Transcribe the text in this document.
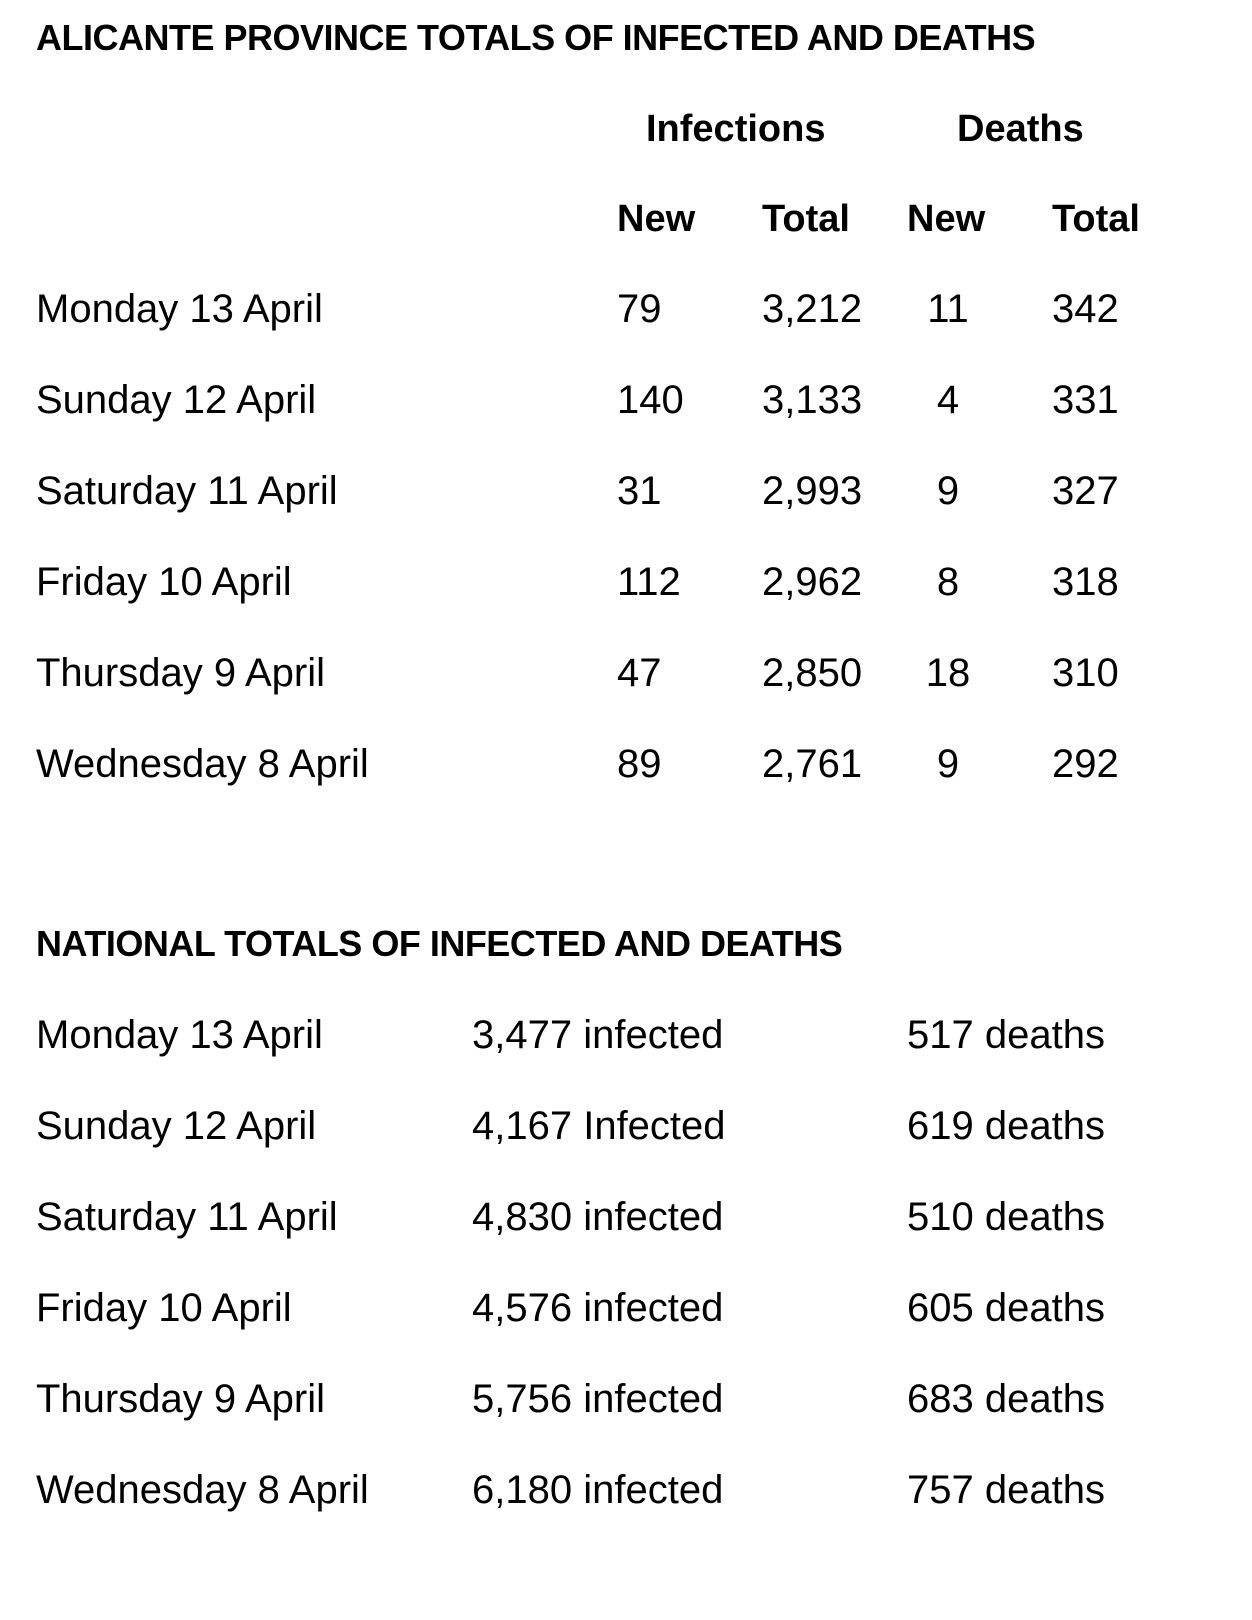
ALICANTE PROVINCE TOTALS OF INFECTED AND DEATHS
Infections	Deaths
New Total New Total
Monday 13 April	79	3,212 11 342
Sunday 12 April	140 3,133 4 331
Saturday 11 April	31	2,993 9 327
Friday 10 April	112 2,962 8 318
Thursday 9 April	47	2,850 18 310
Wednesday 8 April	89	2,761 9 292
NATIONAL TOTALS OF INFECTED AND DEATHS
Monday 13 April	3,477 infected	517 deaths
Sunday 12 April	4,167 Infected	619 deaths
Saturday 11 April	4,830 infected	510 deaths
Friday 10 April	4,576 infected	605 deaths
Thursday 9 April	5,756 infected	683 deaths
Wednesday 8 April	6,180 infected	757 deaths
